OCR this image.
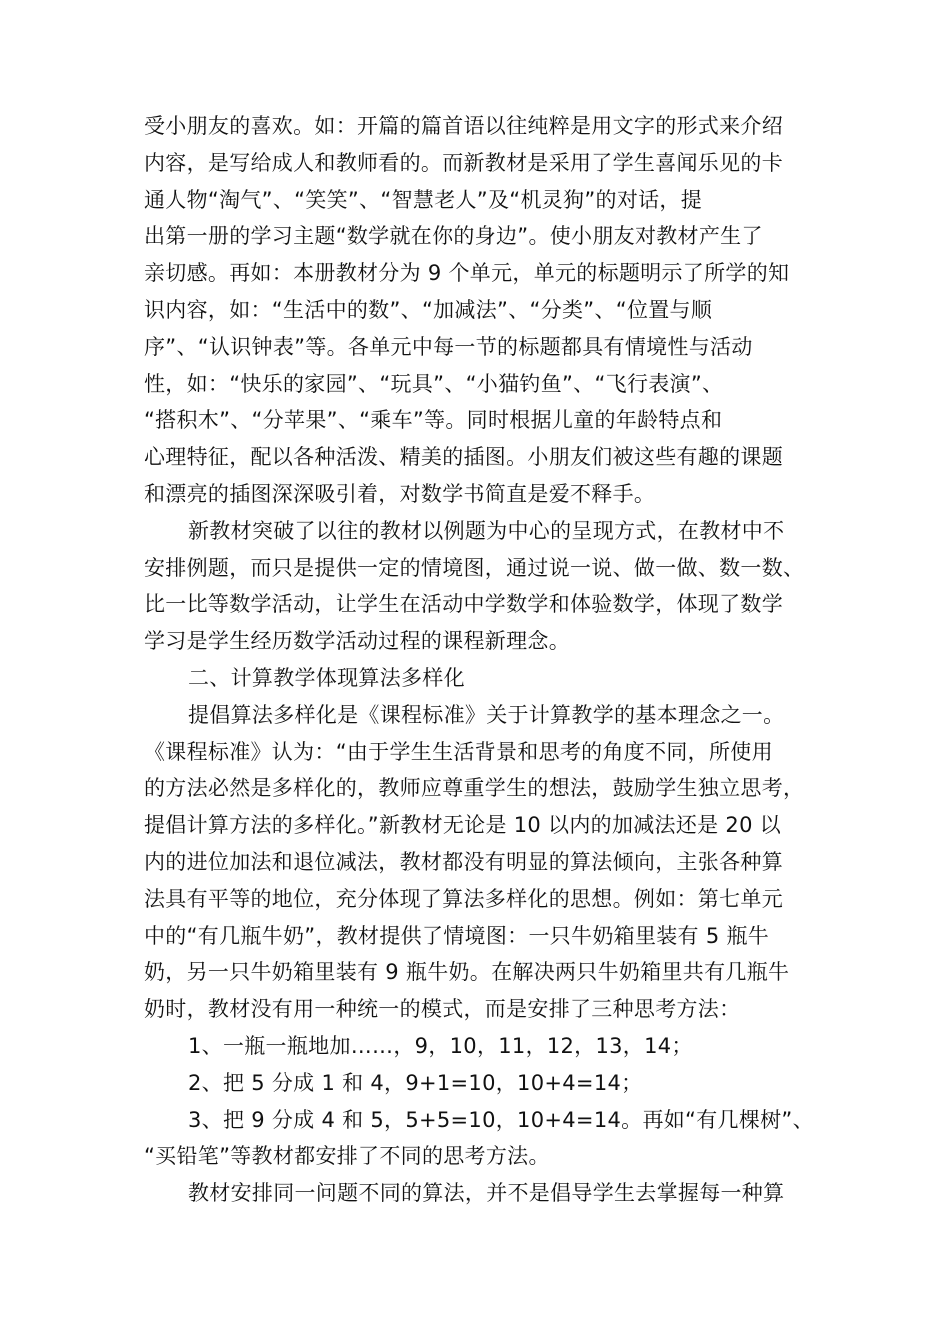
受小朋友的喜欢。如：开篇的篇首语以往纯粹是用文字的形式来介绍
内容，是写给成人和教师看的。而新教材是采用了学生喜闻乐见的卡
通人物“淘气”、“笑笑”、“智慧老人”及“机灵狗”的对话，提
出第一册的学习主题“数学就在你的身边”。使小朋友对教材产生了
亲切感。再如：本册教材分为 9 个单元，单元的标题明示了所学的知
识内容，如：“生活中的数”、“加减法”、“分类”、“位置与顺
序”、“认识钟表”等。各单元中每一节的标题都具有情境性与活动
性，如：“快乐的家园”、“玩具”、“小猫钓鱼”、“飞行表演”、
“搭积木”、“分苹果”、“乘车”等。同时根据儿童的年龄特点和
心理特征，配以各种活泼、精美的插图。小朋友们被这些有趣的课题
和漂亮的插图深深吸引着，对数学书简直是爱不释手。
新教材突破了以往的教材以例题为中心的呈现方式，在教材中不
安排例题，而只是提供一定的情境图，通过说一说、做一做、数一数、
比一比等数学活动，让学生在活动中学数学和体验数学，体现了数学
学习是学生经历数学活动过程的课程新理念。
二、计算教学体现算法多样化
提倡算法多样化是《课程标准》关于计算教学的基本理念之一。
《课程标准》认为：“由于学生生活背景和思考的角度不同，所使用
的方法必然是多样化的，教师应尊重学生的想法，鼓励学生独立思考，
提倡计算方法的多样化。”新教材无论是 10 以内的加减法还是 20 以
内的进位加法和退位减法，教材都没有明显的算法倾向，主张各种算
法具有平等的地位，充分体现了算法多样化的思想。例如：第七单元
中的“有几瓶牛奶”，教材提供了情境图：一只牛奶箱里装有 5 瓶牛
奶，另一只牛奶箱里装有 9 瓶牛奶。在解决两只牛奶箱里共有几瓶牛
奶时，教材没有用一种统一的模式，而是安排了三种思考方法：
1、一瓶一瓶地加……，9，10，11，12，13，14；
2、把 5 分成 1 和 4，9+1=10，10+4=14；
3、把 9 分成 4 和 5，5+5=10，10+4=14。再如“有几棵树”、
“买铅笔”等教材都安排了不同的思考方法。
教材安排同一问题不同的算法，并不是倡导学生去掌握每一种算
